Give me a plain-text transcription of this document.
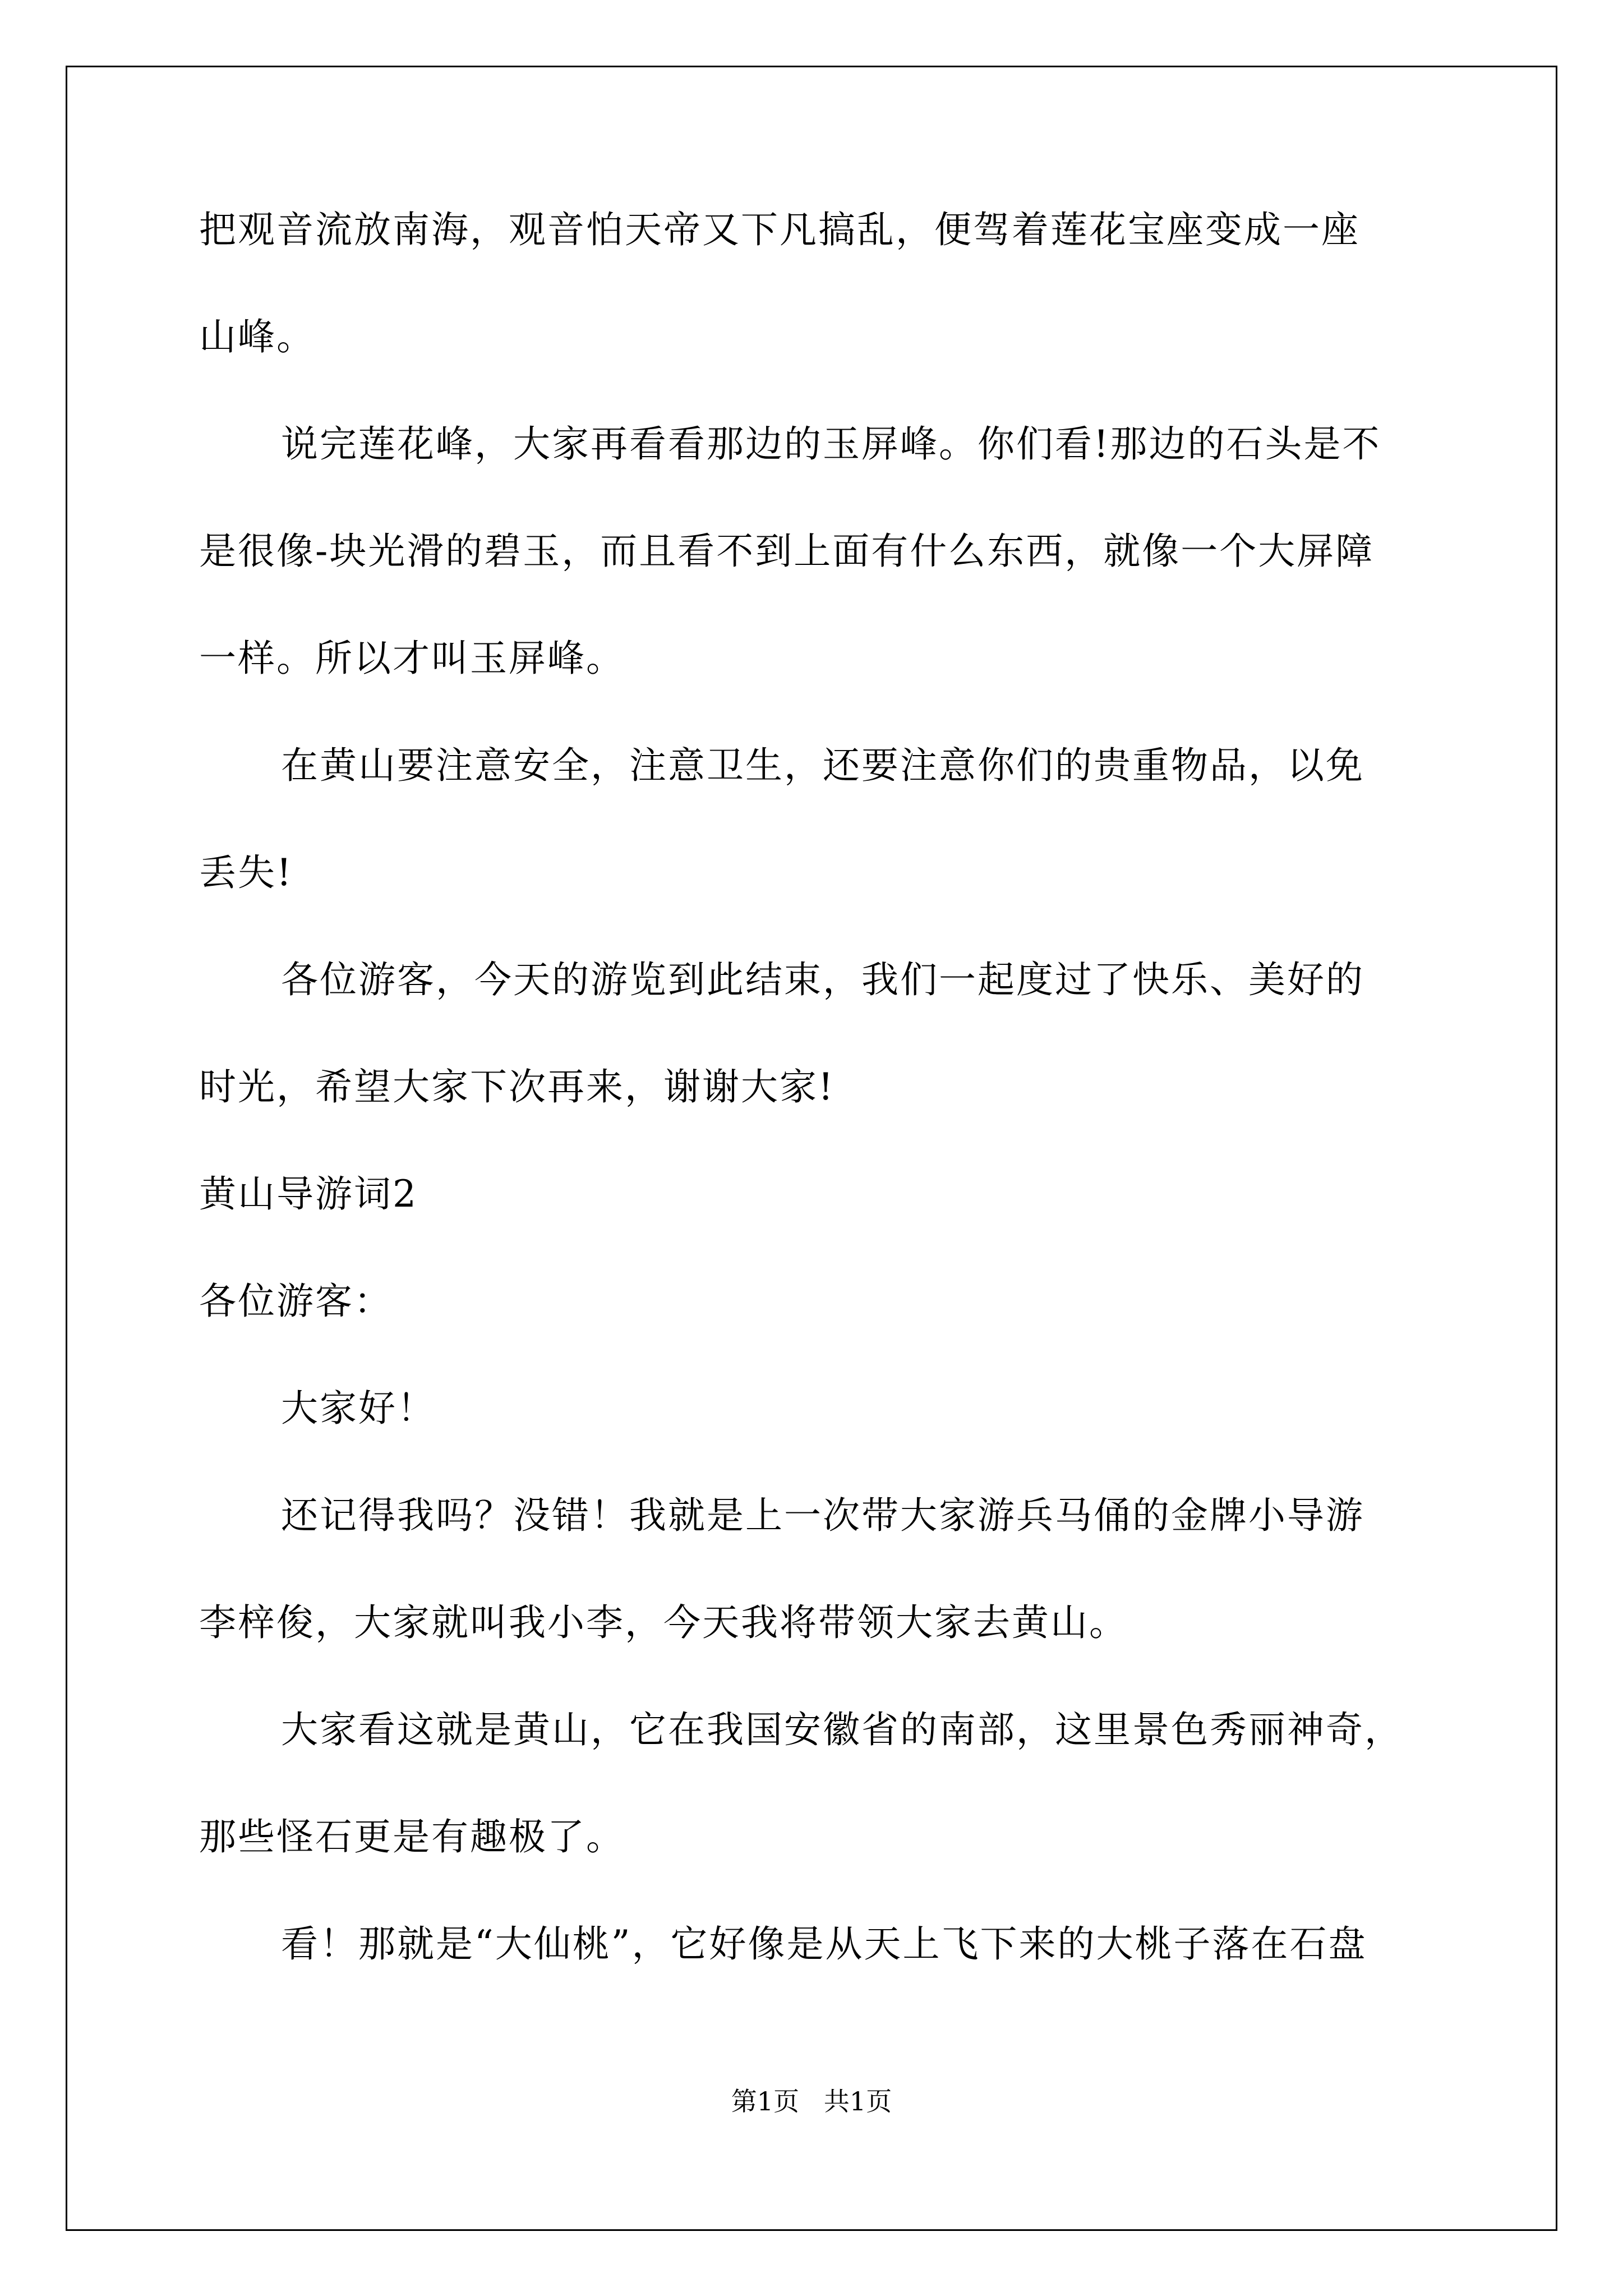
把观音流放南海，观音怕天帝又下凡搞乱，便驾着莲花宝座变成一座
山峰。
说完莲花峰，大家再看看那边的玉屏峰。你们看!那边的石头是不
是很像-块光滑的碧玉，而且看不到上面有什么东西，就像一个大屏障
一样。所以才叫玉屏峰。
在黄山要注意安全，注意卫生，还要注意你们的贵重物品，以免
丢失!
各位游客，今天的游览到此结束，我们一起度过了快乐、美好的
时光，希望大家下次再来，谢谢大家!
黄山导游词2
各位游客：
大家好！
还记得我吗？没错！我就是上一次带大家游兵马俑的金牌小导游
李梓俊，大家就叫我小李，今天我将带领大家去黄山。
大家看这就是黄山，它在我国安徽省的南部，这里景色秀丽神奇，
那些怪石更是有趣极了。
看！那就是“大仙桃”，它好像是从天上飞下来的大桃子落在石盘
第1页   共1页
